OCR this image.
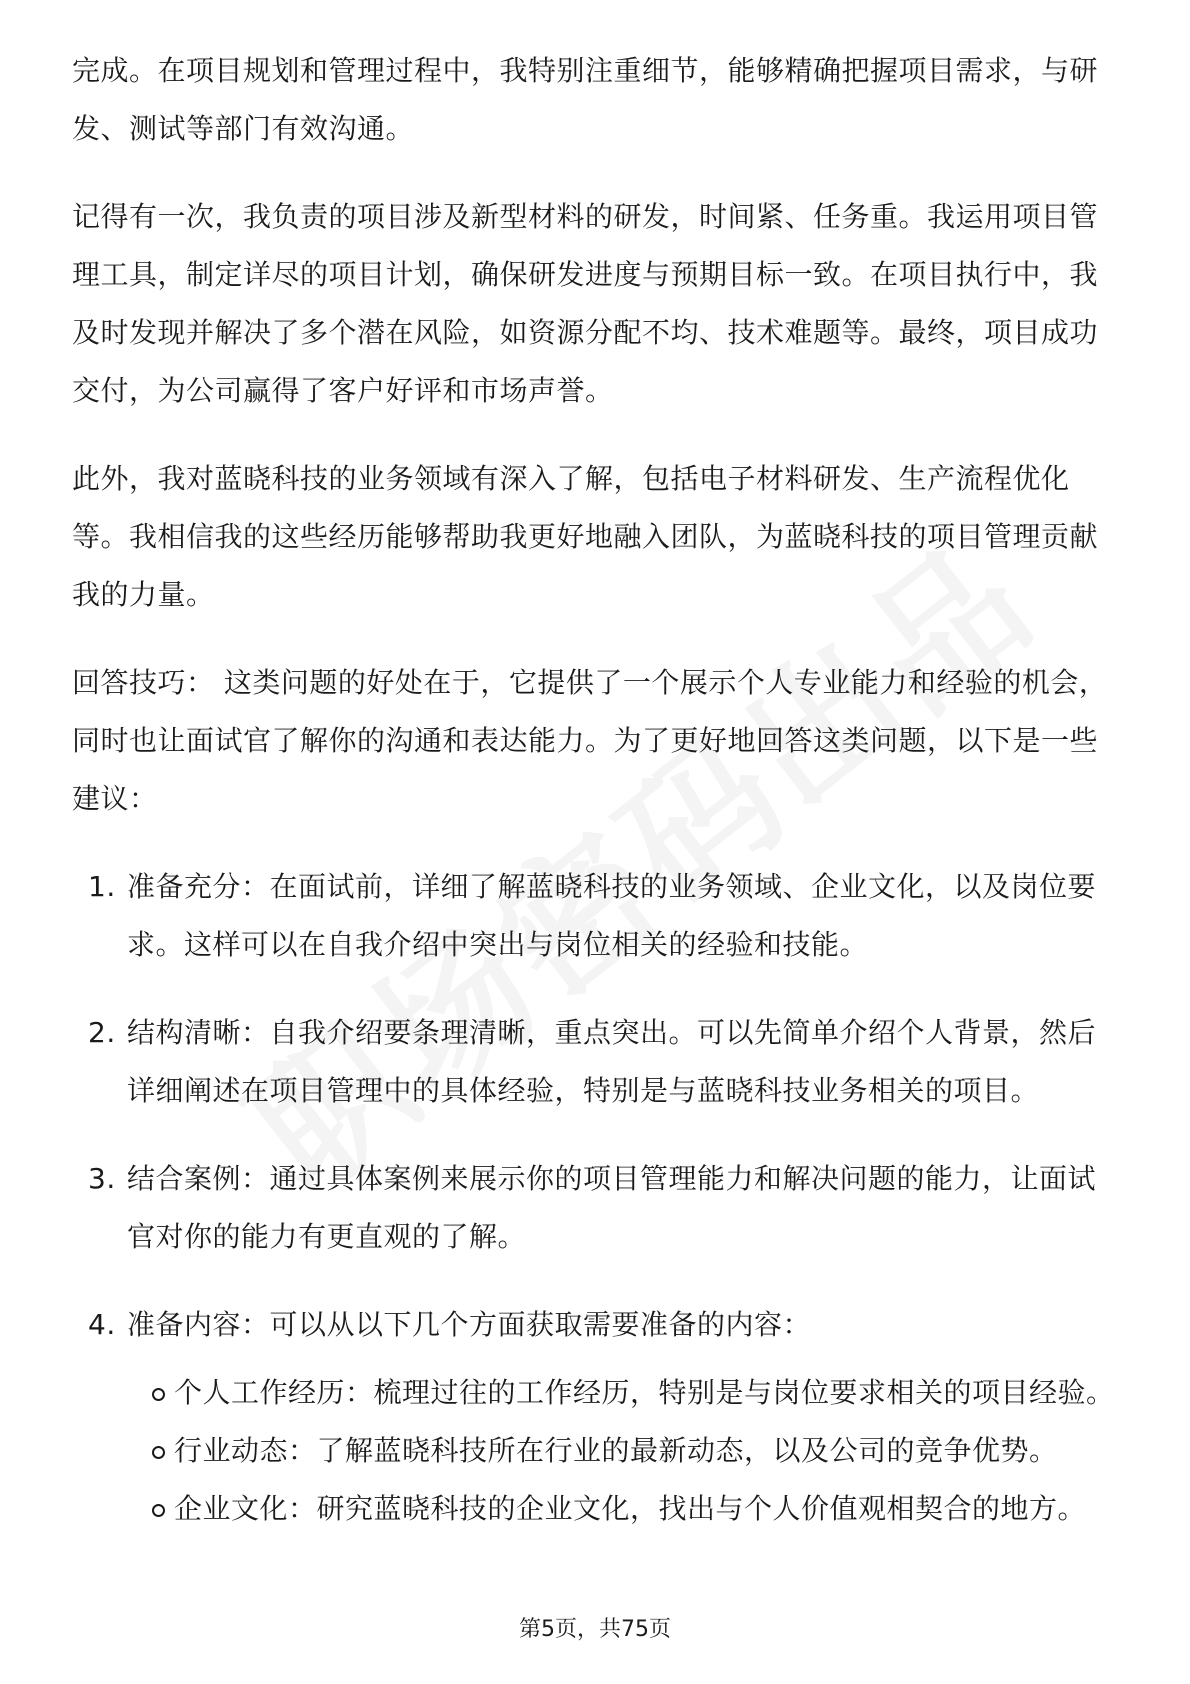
完成。在项目规划和管理过程中，我特别注重细节，能够精确把握项目需求，与研发、测试等部门有效沟通。

记得有一次，我负责的项目涉及新型材料的研发，时间紧、任务重。我运用项目管理工具，制定详尽的项目计划，确保研发进度与预期目标一致。在项目执行中，我及时发现并解决了多个潜在风险，如资源分配不均、技术难题等。最终，项目成功交付，为公司赢得了客户好评和市场声誉。

此外，我对蓝晓科技的业务领域有深入了解，包括电子材料研发、生产流程优化等。我相信我的这些经历能够帮助我更好地融入团队，为蓝晓科技的项目管理贡献我的力量。

回答技巧： 这类问题的好处在于，它提供了一个展示个人专业能力和经验的机会，同时也让面试官了解你的沟通和表达能力。为了更好地回答这类问题，以下是一些建议：

1. 准备充分：在面试前，详细了解蓝晓科技的业务领域、企业文化，以及岗位要求。这样可以在自我介绍中突出与岗位相关的经验和技能。
2. 结构清晰：自我介绍要条理清晰，重点突出。可以先简单介绍个人背景，然后详细阐述在项目管理中的具体经验，特别是与蓝晓科技业务相关的项目。
3. 结合案例：通过具体案例来展示你的项目管理能力和解决问题的能力，让面试官对你的能力有更直观的了解。
4. 准备内容：可以从以下几个方面获取需要准备的内容：
个人工作经历：梳理过往的工作经历，特别是与岗位要求相关的项目经验。
行业动态：了解蓝晓科技所在行业的最新动态，以及公司的竞争优势。
企业文化：研究蓝晓科技的企业文化，找出与个人价值观相契合的地方。
第5页，共75页
